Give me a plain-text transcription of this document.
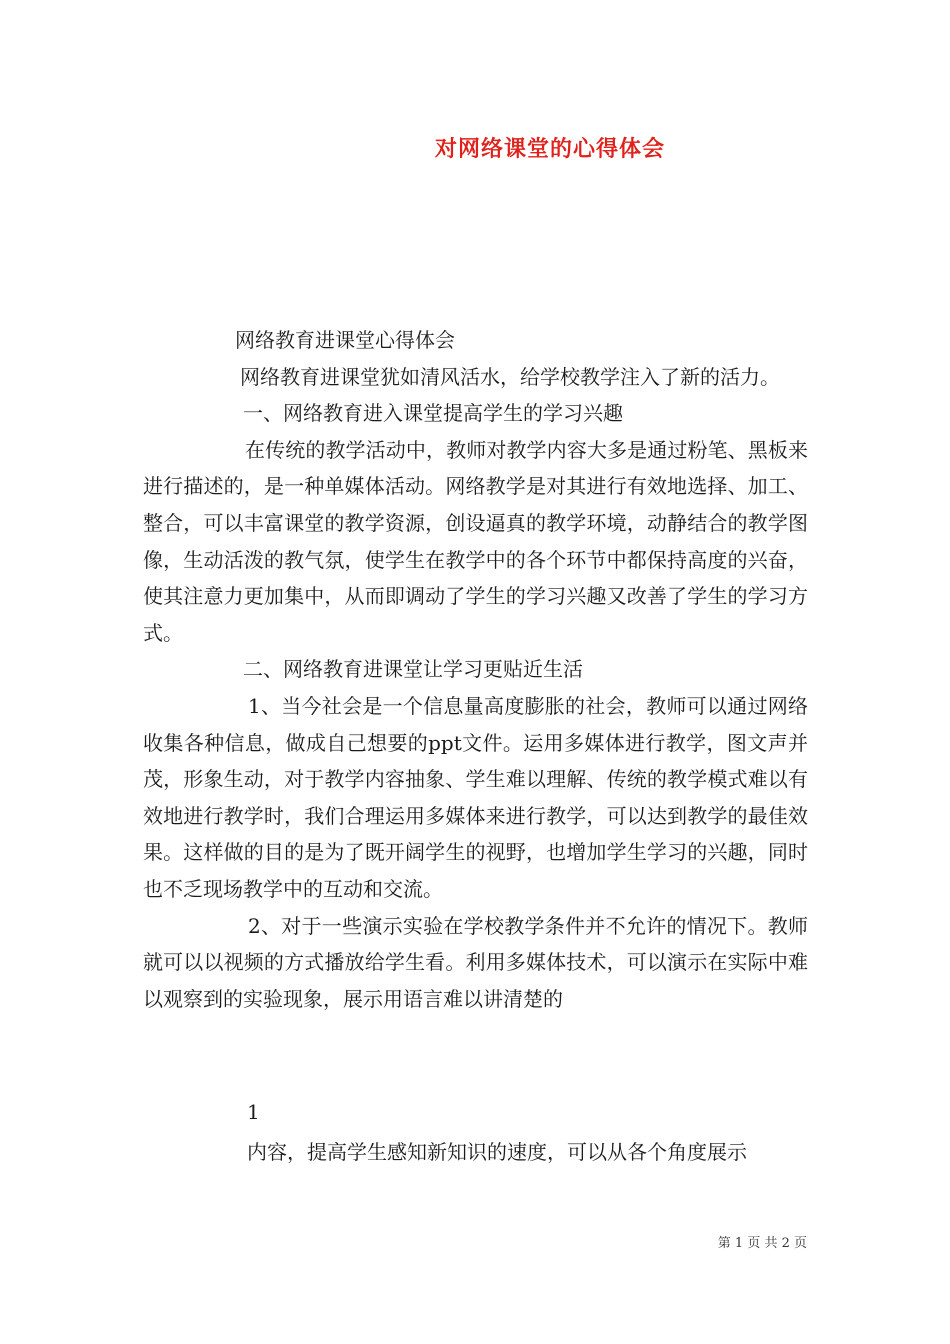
对网络课堂的心得体会

网络教育进课堂心得体会

网络教育进课堂犹如清风活水，给学校教学注入了新的活力。

一、网络教育进入课堂提高学生的学习兴趣

在传统的教学活动中，教师对教学内容大多是通过粉笔、黑板来进行描述的，是一种单媒体活动。网络教学是对其进行有效地选择、加工、整合，可以丰富课堂的教学资源，创设逼真的教学环境，动静结合的教学图像，生动活泼的教气氛，使学生在教学中的各个环节中都保持高度的兴奋，使其注意力更加集中，从而即调动了学生的学习兴趣又改善了学生的学习方式。

二、网络教育进课堂让学习更贴近生活

1、当今社会是一个信息量高度膨胀的社会，教师可以通过网络收集各种信息，做成自己想要的ppt文件。运用多媒体进行教学，图文声并茂，形象生动，对于教学内容抽象、学生难以理解、传统的教学模式难以有效地进行教学时，我们合理运用多媒体来进行教学，可以达到教学的最佳效果。这样做的目的是为了既开阔学生的视野，也增加学生学习的兴趣，同时也不乏现场教学中的互动和交流。

2、对于一些演示实验在学校教学条件并不允许的情况下。教师就可以以视频的方式播放给学生看。利用多媒体技术，可以演示在实际中难以观察到的实验现象，展示用语言难以讲清楚的

1
内容，提高学生感知新知识的速度，可以从各个角度展示
第 1 页 共 2 页
